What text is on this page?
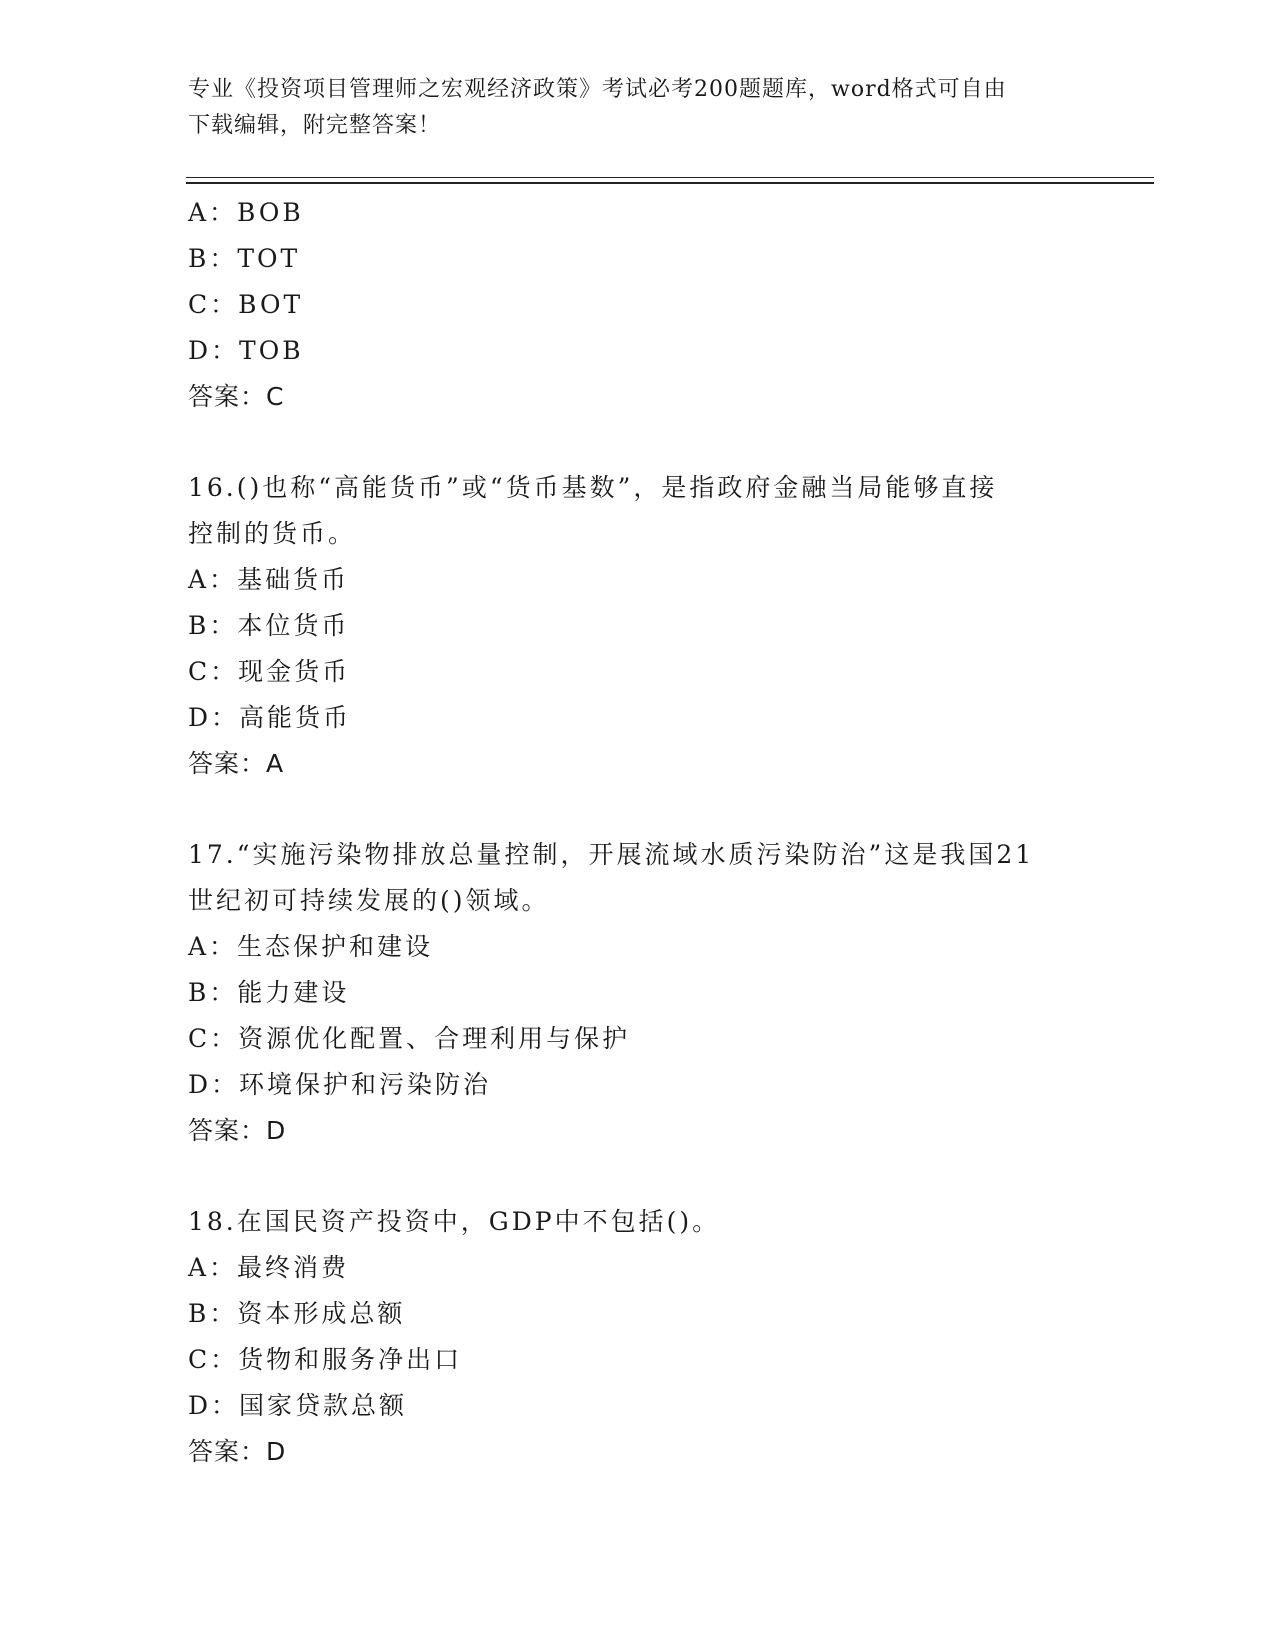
专业《投资项目管理师之宏观经济政策》考试必考200题题库，word格式可自由
下载编辑，附完整答案！
A：BOB
B：TOT
C：BOT
D：TOB
答案：C
16.()也称“高能货币”或“货币基数”，是指政府金融当局能够直接
控制的货币。
A：基础货币
B：本位货币
C：现金货币
D：高能货币
答案：A
17.“实施污染物排放总量控制，开展流域水质污染防治”这是我国21
世纪初可持续发展的()领域。
A：生态保护和建设
B：能力建设
C：资源优化配置、合理利用与保护
D：环境保护和污染防治
答案：D
18.在国民资产投资中，GDP中不包括()。
A：最终消费
B：资本形成总额
C：货物和服务净出口
D：国家贷款总额
答案：D
